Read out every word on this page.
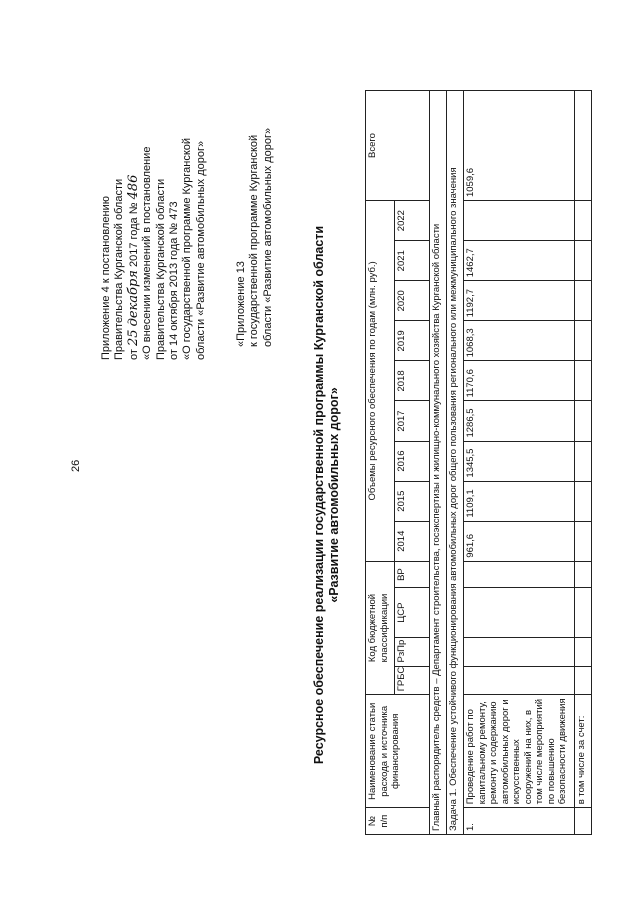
26
Приложение 4 к постановлению Правительства Курганской области от 25 декабря 2017 года № 486 «О внесении изменений в постановление Правительства Курганской области от 14 октября 2013 года № 473 «О государственной программе Курганской области «Развитие автомобильных дорог»	«Приложение 13 к государственной программе Курганской области «Развитие автомобильных дорог»	Ресурсное обеспечение реализации государственной программы Курганской области «Развитие автомобильных дорог»
№ п/п	Наименование статьи расхода и источника финансирования	Код бюджетной классификации				Объемы ресурсного обеспечения по годам (млн. руб.)									Всего
		ГРБС	РзПр	ЦСР	ВР	2014	2015	2016	2017	2018	2019	2020	2021	2022	
Главный распорядитель средств – Департамент строительства, госэкспертизы и жилищно-коммунального хозяйства Курганской области															
Задача 1. Обеспечение устойчивого функционирования автомобильных дорог общего пользования регионального или межмуниципального значения															
1.	Проведение работ по капитальному ремонту, ремонту и содержанию автомобильных дорог и искусственных сооружений на них, в том числе мероприятий по повышению безопасности движения					961,6	1109,1	1345,5	1286,5	1170,6	1068,3	1192,7	1462,7		1059,6
	в том числе за счет:														
